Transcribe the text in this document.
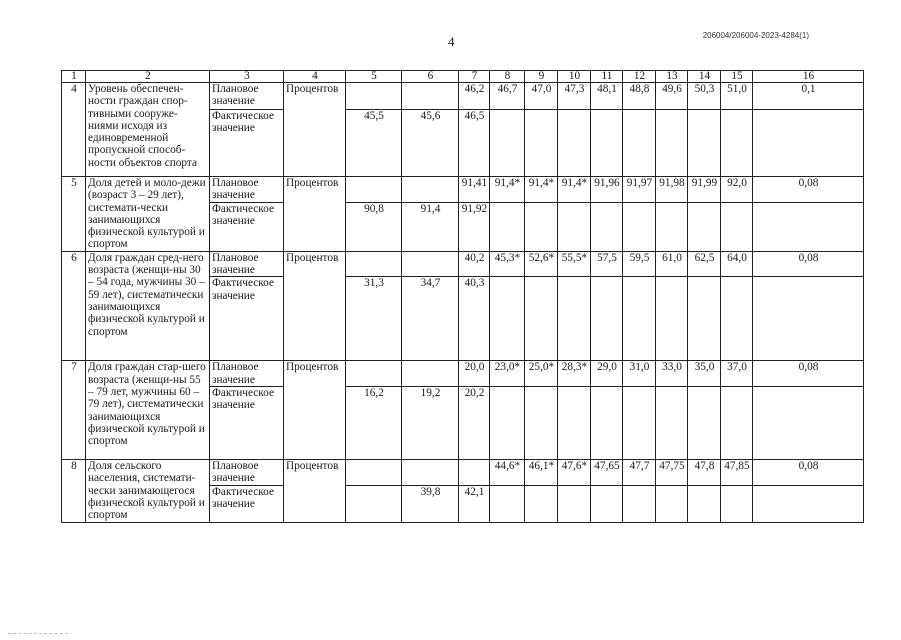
4	206004/206004-2023-4284(1)
1	2	3	4	5	6	7	8	9	10	11	12	13	14	15	16
4	Уровень обеспечен-ности граждан спор-тивными сооруже-ниями исходя из единовременной пропускной способ-ности объектов спорта	Плановое значение	Процентов			46,2	46,7	47,0	47,3	48,1	48,8	49,6	50,3	51,0	0,1
		Фактическое значение		45,5	45,6	46,5									
5	Доля детей и моло-дежи (возраст 3 – 29 лет), системати-чески занимающихся физической культурой и спортом	Плановое значение	Процентов			91,41	91,4*	91,4*	91,4*	91,96	91,97	91,98	91,99	92,0	0,08
		Фактическое значение		90,8	91,4	91,92									
6	Доля граждан сред-него возраста (женщи-ны 30 – 54 года, мужчины 30 – 59 лет), систематически занимающихся физической культурой и спортом	Плановое значение	Процентов			40,2	45,3*	52,6*	55,5*	57,5	59,5	61,0	62,5	64,0	0,08
		Фактическое значение		31,3	34,7	40,3									
7	Доля граждан стар-шего возраста (женщи-ны 55 – 79 лет, мужчины 60 – 79 лет), систематически занимающихся физической культурой и спортом	Плановое значение	Процентов			20,0	23,0*	25,0*	28,3*	29,0	31,0	33,0	35,0	37,0	0,08
		Фактическое значение		16,2	19,2	20,2									
8	Доля сельского населения, системати-чески занимающегося физической культурой и спортом	Плановое значение	Процентов				44,6*	46,1*	47,6*	47,65	47,7	47,75	47,8	47,85	0,08
		Фактическое значение			39,8	42,1									
